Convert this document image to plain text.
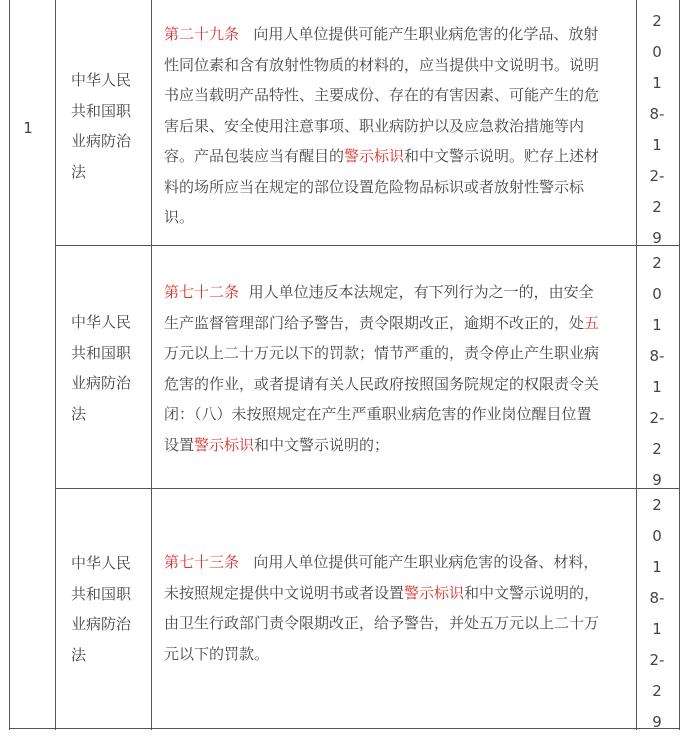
1
中华人民
共和国职
业病防治
法
第二十九条 向用人单位提供可能产生职业病危害的化学品、放射
性同位素和含有放射性物质的材料的，应当提供中文说明书。说明
书应当载明产品特性、主要成份、存在的有害因素、可能产生的危
害后果、安全使用注意事项、职业病防护以及应急救治措施等内
容。产品包装应当有醒目的警示标识和中文警示说明。贮存上述材
料的场所应当在规定的部位设置危险物品标识或者放射性警示标
识。
2
0
1
8-
1
2-
2
9
中华人民
共和国职
业病防治
法
第七十二条 用人单位违反本法规定，有下列行为之一的，由安全
生产监督管理部门给予警告，责令限期改正，逾期不改正的，处五
万元以上二十万元以下的罚款；情节严重的，责令停止产生职业病
危害的作业，或者提请有关人民政府按照国务院规定的权限责令关
闭：（八）未按照规定在产生严重职业病危害的作业岗位醒目位置
设置警示标识和中文警示说明的；
2
0
1
8-
1
2-
2
9
中华人民
共和国职
业病防治
法
第七十三条 向用人单位提供可能产生职业病危害的设备、材料，
未按照规定提供中文说明书或者设置警示标识和中文警示说明的，
由卫生行政部门责令限期改正，给予警告，并处五万元以上二十万
元以下的罚款。
2
0
1
8-
1
2-
2
9
